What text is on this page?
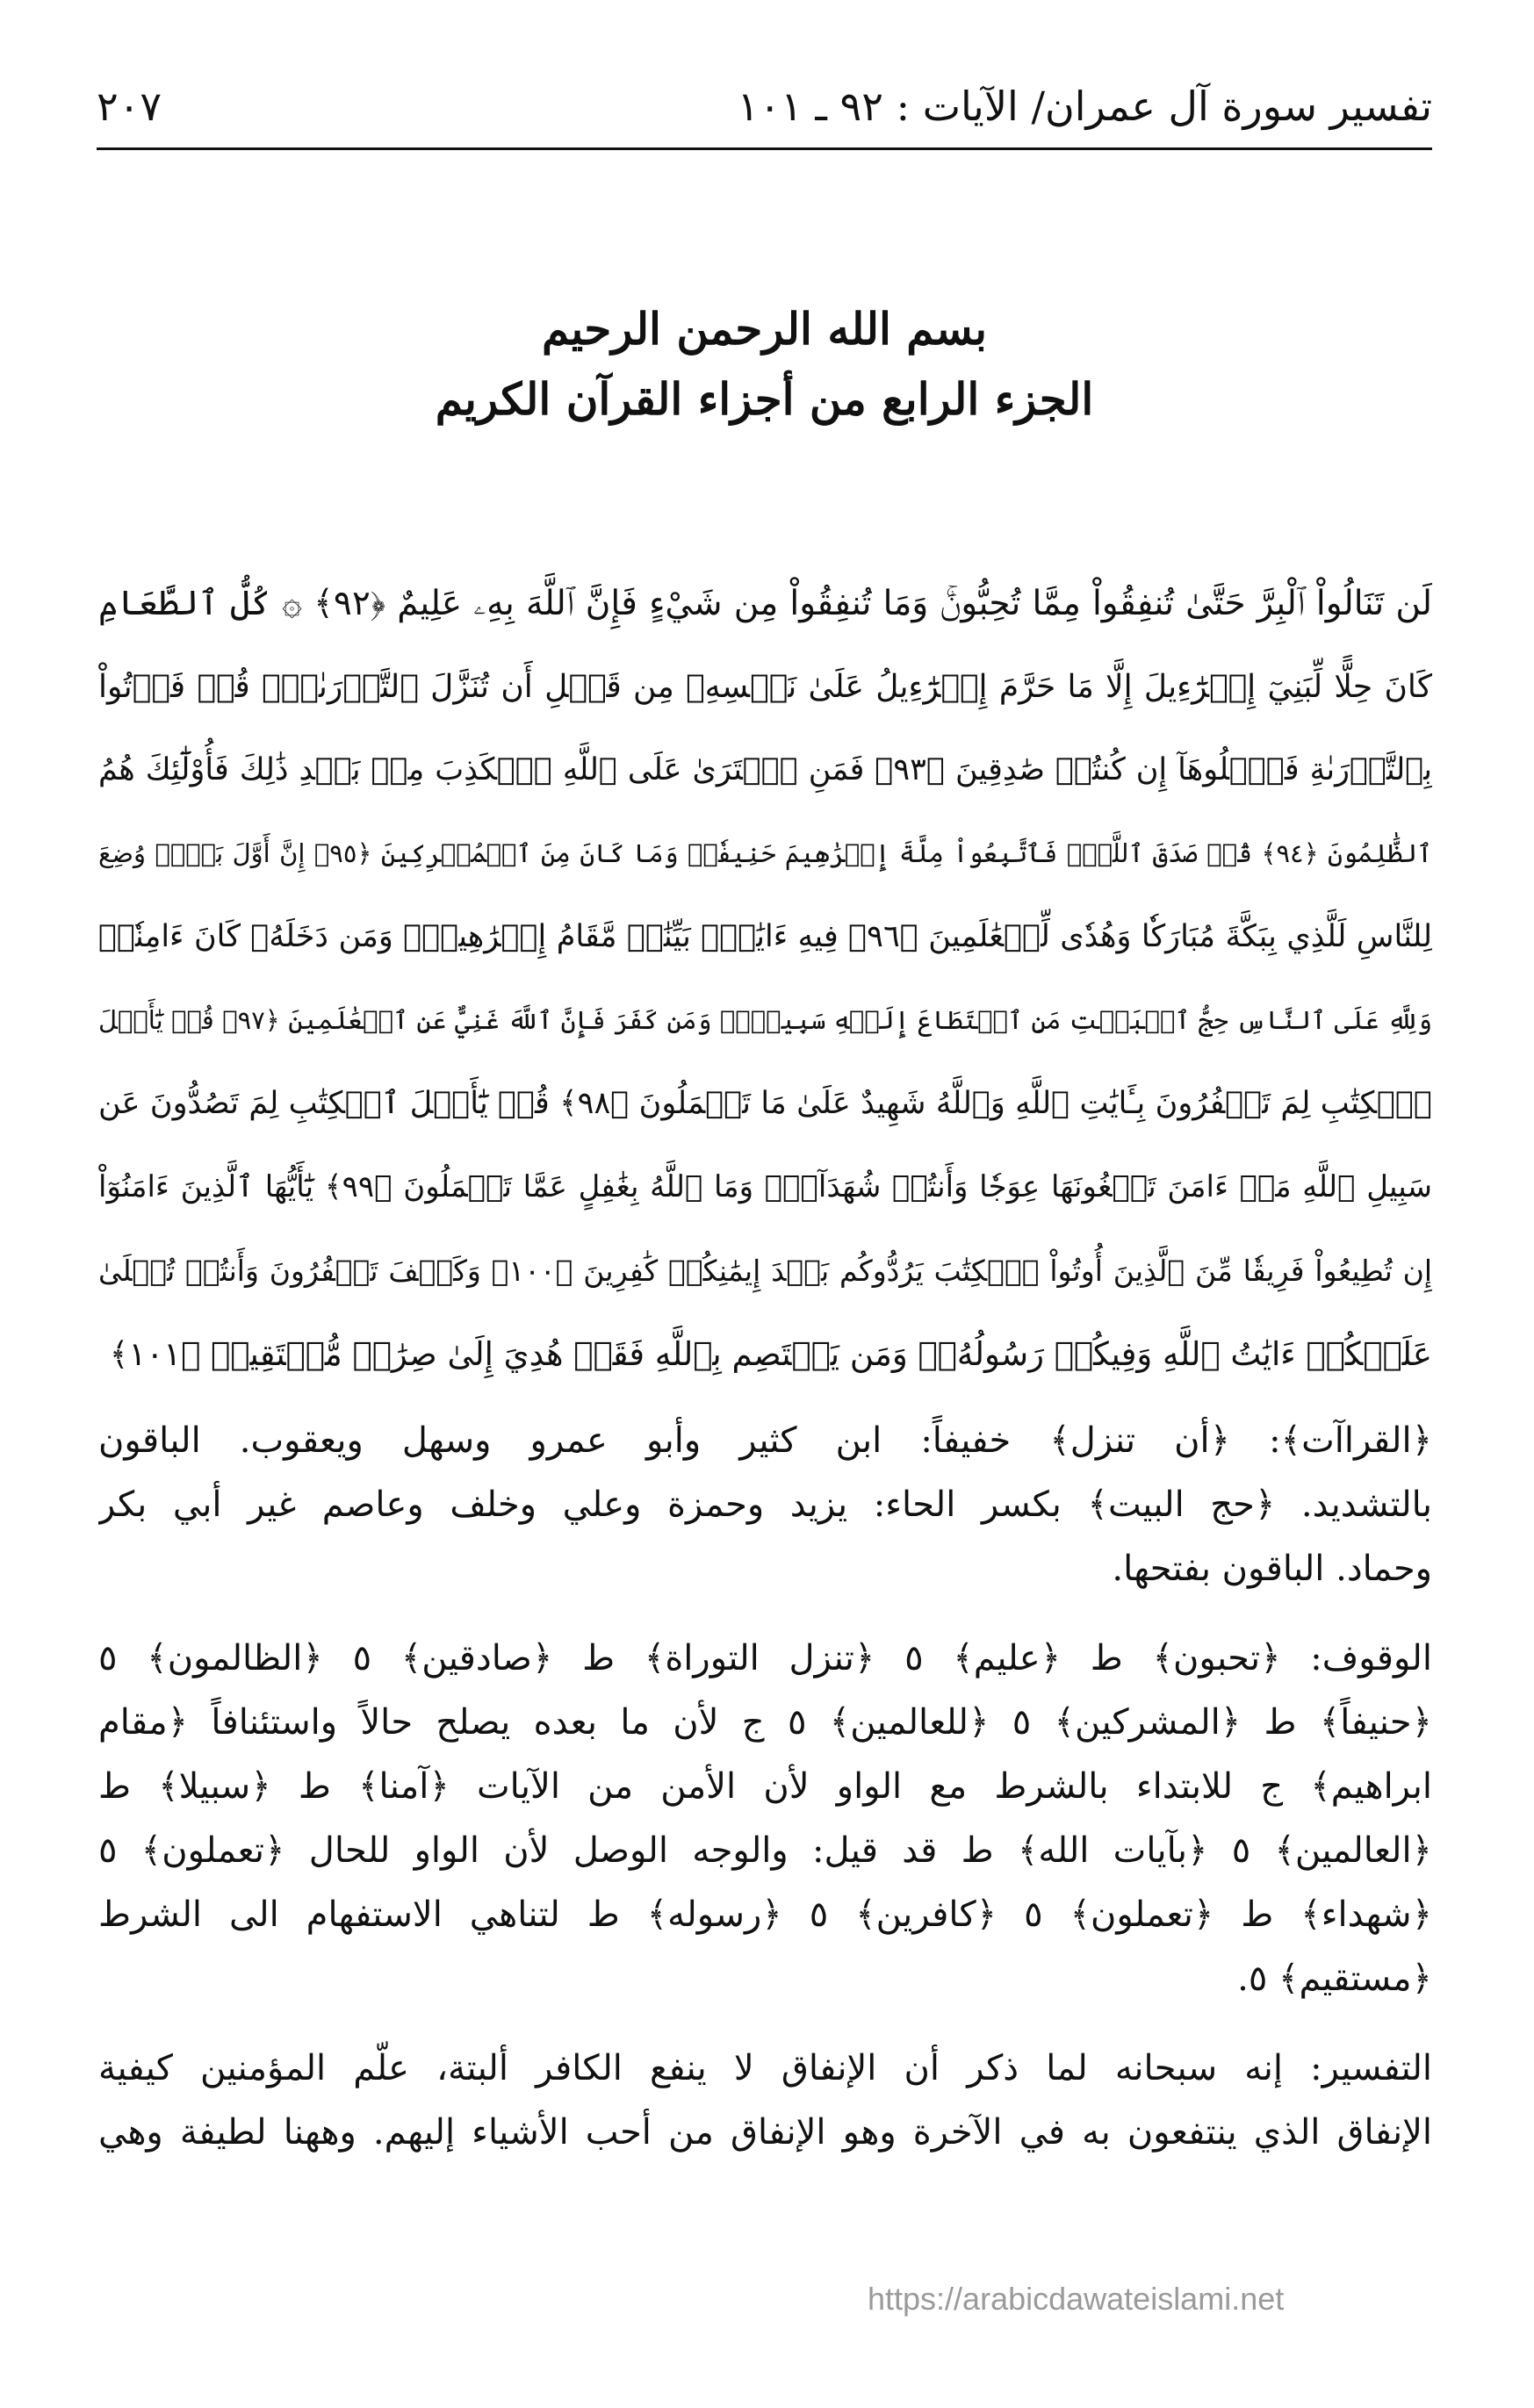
تفسير سورة آل عمران/ الآيات : ٩٢ ـ ١٠١
٢٠٧
بسم الله الرحمن الرحيم
الجزء الرابع من أجزاء القرآن الكريم
لَن تَنَالُواْ ٱلْبِرَّ حَتَّىٰ تُنفِقُواْ مِمَّا تُحِبُّونَۚ وَمَا تُنفِقُواْ مِن شَيْءٍ فَإِنَّ ٱللَّهَ بِهِۦ عَلِيمٌ ﴿٩٢﴾ ۞ كُلُّ ٱلطَّعَامِ
كَانَ حِلًّا لِّبَنِيٓ إِسۡرَٰٓءِيلَ إِلَّا مَا حَرَّمَ إِسۡرَٰٓءِيلُ عَلَىٰ نَفۡسِهِۦ مِن قَبۡلِ أَن تُنَزَّلَ ٱلتَّوۡرَىٰةُۗ قُلۡ فَأۡتُواْ
بِٱلتَّوۡرَىٰةِ فَٱتۡلُوهَآ إِن كُنتُمۡ صَٰدِقِينَ ﴿٩٣﴾ فَمَنِ ٱفۡتَرَىٰ عَلَى ٱللَّهِ ٱلۡكَذِبَ مِنۢ بَعۡدِ ذَٰلِكَ فَأُوْلَٰٓئِكَ هُمُ
ٱلظَّٰلِمُونَ ﴿٩٤﴾ قُلۡ صَدَقَ ٱللَّهُۗ فَٱتَّبِعُواْ مِلَّةَ إِبۡرَٰهِيمَ حَنِيفٗاۖ وَمَا كَانَ مِنَ ٱلۡمُشۡرِكِينَ ﴿٩٥﴾ إِنَّ أَوَّلَ بَيۡتٖ وُضِعَ
لِلنَّاسِ لَلَّذِي بِبَكَّةَ مُبَارَكٗا وَهُدٗى لِّلۡعَٰلَمِينَ ﴿٩٦﴾ فِيهِ ءَايَٰتُۢ بَيِّنَٰتٞ مَّقَامُ إِبۡرَٰهِيمَۖ وَمَن دَخَلَهُۥ كَانَ ءَامِنٗاۗ
وَلِلَّهِ عَلَى ٱلنَّاسِ حِجُّ ٱلۡبَيۡتِ مَنِ ٱسۡتَطَاعَ إِلَيۡهِ سَبِيلٗاۚ وَمَن كَفَرَ فَإِنَّ ٱللَّهَ غَنِيٌّ عَنِ ٱلۡعَٰلَمِينَ ﴿٩٧﴾ قُلۡ يَٰٓأَهۡلَ
ٱلۡكِتَٰبِ لِمَ تَكۡفُرُونَ بِـَٔايَٰتِ ٱللَّهِ وَٱللَّهُ شَهِيدٌ عَلَىٰ مَا تَعۡمَلُونَ ﴿٩٨﴾ قُلۡ يَٰٓأَهۡلَ ٱلۡكِتَٰبِ لِمَ تَصُدُّونَ عَن
سَبِيلِ ٱللَّهِ مَنۡ ءَامَنَ تَبۡغُونَهَا عِوَجٗا وَأَنتُمۡ شُهَدَآءُۗ وَمَا ٱللَّهُ بِغَٰفِلٍ عَمَّا تَعۡمَلُونَ ﴿٩٩﴾ يَٰٓأَيُّهَا ٱلَّذِينَ ءَامَنُوٓاْ
إِن تُطِيعُواْ فَرِيقٗا مِّنَ ٱلَّذِينَ أُوتُواْ ٱلۡكِتَٰبَ يَرُدُّوكُم بَعۡدَ إِيمَٰنِكُمۡ كَٰفِرِينَ ﴿١٠٠﴾ وَكَيۡفَ تَكۡفُرُونَ وَأَنتُمۡ تُتۡلَىٰ
عَلَيۡكُمۡ ءَايَٰتُ ٱللَّهِ وَفِيكُمۡ رَسُولُهُۥۗ وَمَن يَعۡتَصِم بِٱللَّهِ فَقَدۡ هُدِيَ إِلَىٰ صِرَٰطٖ مُّسۡتَقِيمٖ ﴿١٠١﴾
﴿القراآت﴾: ﴿أن تنزل﴾ خفيفاً: ابن كثير وأبو عمرو وسهل ويعقوب. الباقون
بالتشديد. ﴿حج البيت﴾ بكسر الحاء: يزيد وحمزة وعلي وخلف وعاصم غير أبي بكر
وحماد. الباقون بفتحها.
الوقوف: ﴿تحبون﴾ ط ﴿عليم﴾ ٥ ﴿تنزل التوراة﴾ ط ﴿صادقين﴾ ٥ ﴿الظالمون﴾ ٥
﴿حنيفاً﴾ ط ﴿المشركين﴾ ٥ ﴿للعالمين﴾ ٥ ج لأن ما بعده يصلح حالاً واستئنافاً ﴿مقام
ابراهيم﴾ ج للابتداء بالشرط مع الواو لأن الأمن من الآيات ﴿آمنا﴾ ط ﴿سبيلا﴾ ط
﴿العالمين﴾ ٥ ﴿بآيات الله﴾ ط قد قيل: والوجه الوصل لأن الواو للحال ﴿تعملون﴾ ٥
﴿شهداء﴾ ط ﴿تعملون﴾ ٥ ﴿كافرين﴾ ٥ ﴿رسوله﴾ ط لتناهي الاستفهام الى الشرط
﴿مستقيم﴾ ٥.
التفسير: إنه سبحانه لما ذكر أن الإنفاق لا ينفع الكافر ألبتة، علّم المؤمنين كيفية
الإنفاق الذي ينتفعون به في الآخرة وهو الإنفاق من أحب الأشياء إليهم. وههنا لطيفة وهي
https://arabicdawateislami.net
